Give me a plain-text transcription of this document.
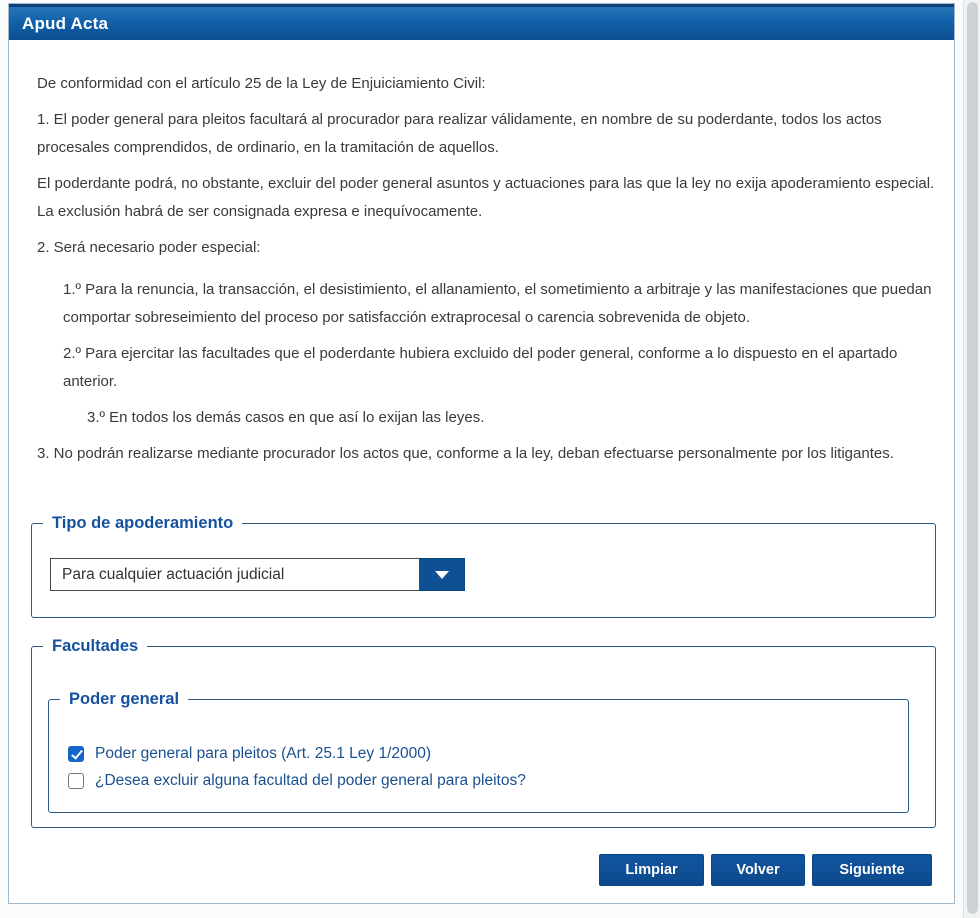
Apud Acta

De conformidad con el artículo 25 de la Ley de Enjuiciamiento Civil:

1. El poder general para pleitos facultará al procurador para realizar válidamente, en nombre de su poderdante, todos los actos procesales comprendidos, de ordinario, en la tramitación de aquellos.

El poderdante podrá, no obstante, excluir del poder general asuntos y actuaciones para las que la ley no exija apoderamiento especial. La exclusión habrá de ser consignada expresa e inequívocamente.

2. Será necesario poder especial:

1.º Para la renuncia, la transacción, el desistimiento, el allanamiento, el sometimiento a arbitraje y las manifestaciones que puedan comportar sobreseimiento del proceso por satisfacción extraprocesal o carencia sobrevenida de objeto.

2.º Para ejercitar las facultades que el poderdante hubiera excluido del poder general, conforme a lo dispuesto en el apartado anterior.

3.º En todos los demás casos en que así lo exijan las leyes.

3. No podrán realizarse mediante procurador los actos que, conforme a la ley, deban efectuarse personalmente por los litigantes.

Tipo de apoderamiento
Para cualquier actuación judicial
Facultades
Poder general
Poder general para pleitos (Art. 25.1 Ley 1/2000)
¿Desea excluir alguna facultad del poder general para pleitos?
Limpiar	Volver	Siguiente
